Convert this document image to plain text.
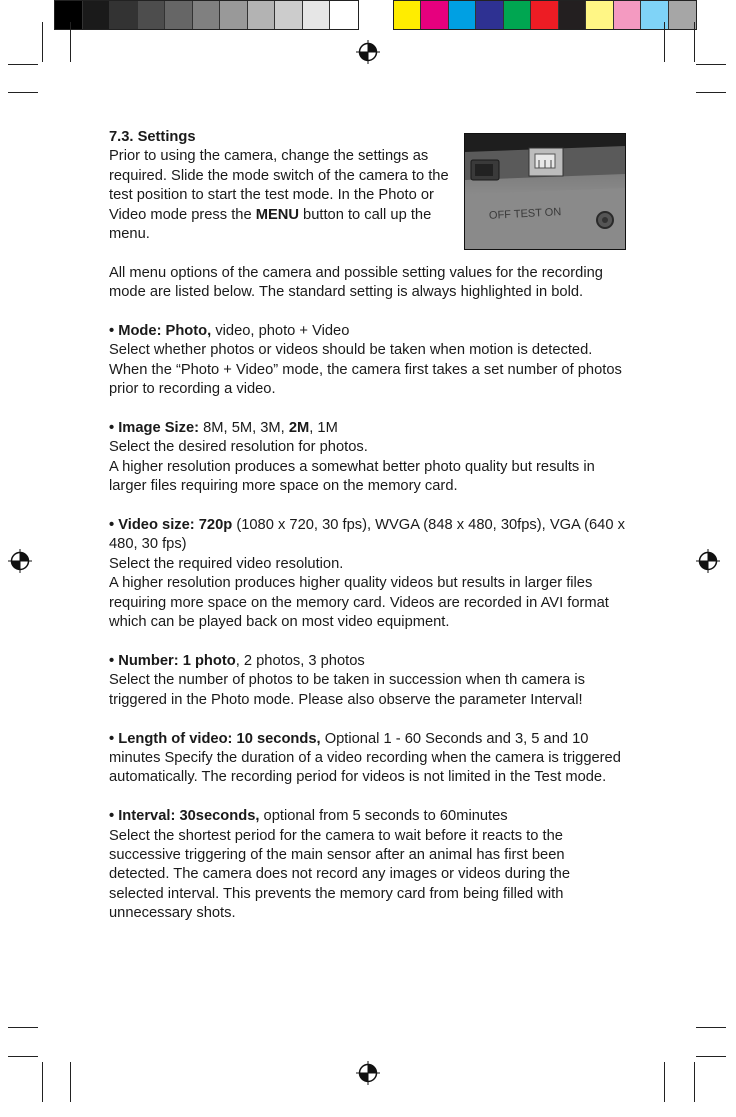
OFF TEST ON

7.3. Settings

Prior to using the camera, change the settings as required. Slide the mode switch of the camera to the test position to start the test mode. In the Photo or Video mode press the MENU button to call up the menu.

All menu options of the camera and possible setting values for the recording mode are listed below. The standard setting is always highlighted in bold.

• Mode: Photo, video, photo + Video

Select whether photos or videos should be taken when motion is detected. When the “Photo + Video” mode, the camera first takes a set number of photos prior to recording a video.

• Image Size: 8M, 5M, 3M, 2M, 1M

Select the desired resolution for photos.

A higher resolution produces a somewhat better photo quality but results in larger files requiring more space on the memory card.

• Video size: 720p (1080 x 720, 30 fps), WVGA (848 x 480, 30fps), VGA (640 x 480, 30 fps)

Select the required video resolution.

A higher resolution produces higher quality videos but results in larger files requiring more space on the memory card. Videos are recorded in AVI format which can be played back on most video equipment.

• Number: 1 photo, 2 photos, 3 photos

Select the number of photos to be taken in succession when th camera is triggered in the Photo mode. Please also observe the parameter Interval!

• Length of video: 10 seconds, Optional 1 - 60 Seconds and 3, 5 and 10 minutes Specify the duration of a video recording when the camera is triggered automatically. The recording period for videos is not limited in the Test mode.

• Interval: 30seconds, optional from 5 seconds to 60minutes

Select the shortest period for the camera to wait before it reacts to the successive triggering of the main sensor after an animal has first been detected. The camera does not record any images or videos during the selected interval. This prevents the memory card from being filled with unnecessary shots.
